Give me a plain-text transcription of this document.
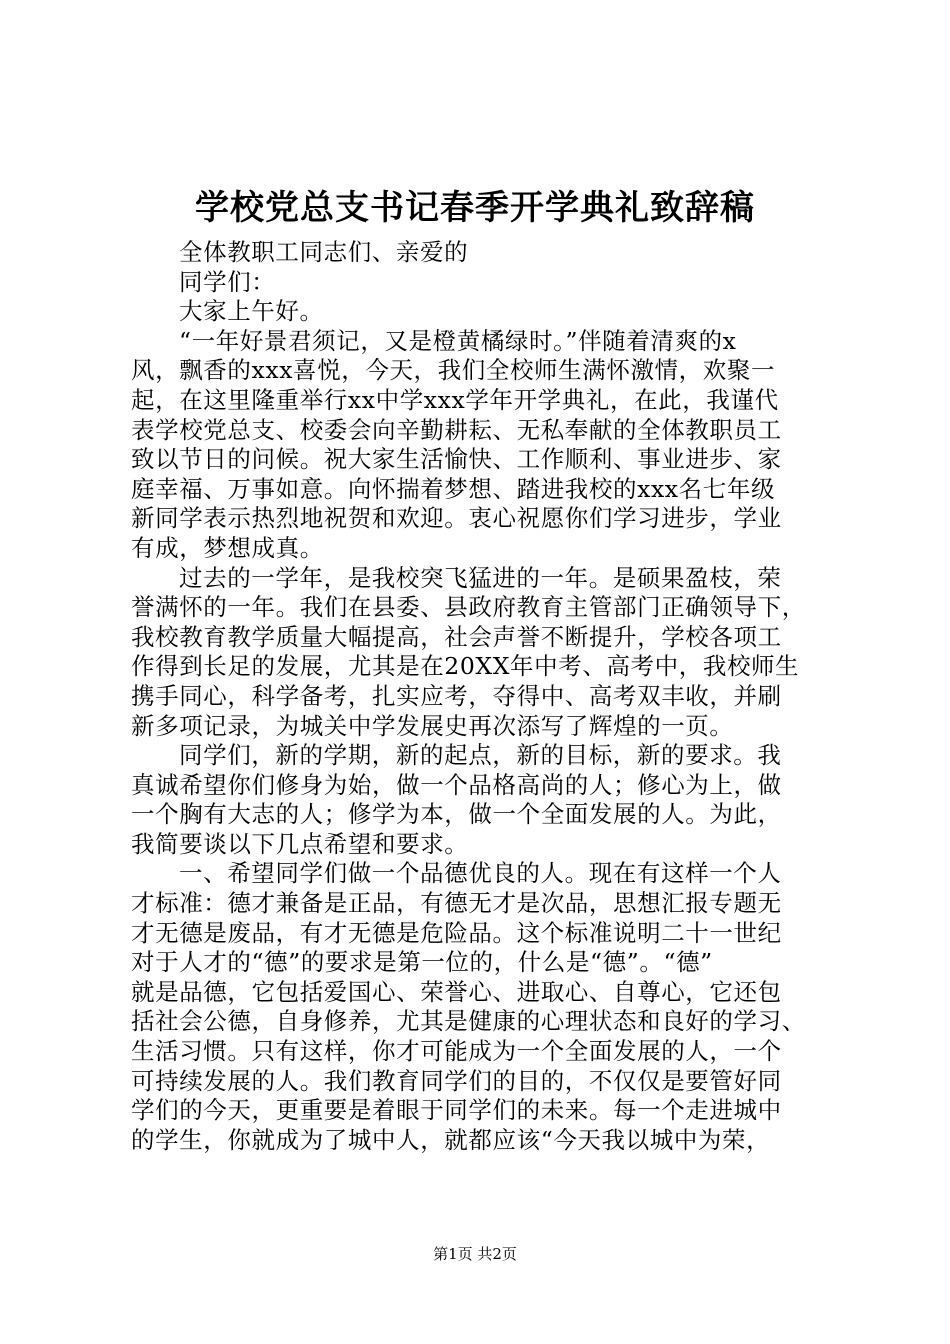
学校党总支书记春季开学典礼致辞稿
全体教职工同志们、亲爱的
同学们：
大家上午好。
“一年好景君须记，又是橙黄橘绿时。”伴随着清爽的x
风，飘香的xxx喜悦，今天，我们全校师生满怀激情，欢聚一
起，在这里隆重举行xx中学xxx学年开学典礼，在此，我谨代
表学校党总支、校委会向辛勤耕耘、无私奉献的全体教职员工
致以节日的问候。祝大家生活愉快、工作顺利、事业进步、家
庭幸福、万事如意。向怀揣着梦想、踏进我校的xxx名七年级
新同学表示热烈地祝贺和欢迎。衷心祝愿你们学习进步，学业
有成，梦想成真。
过去的一学年，是我校突飞猛进的一年。是硕果盈枝，荣
誉满怀的一年。我们在县委、县政府教育主管部门正确领导下，
我校教育教学质量大幅提高，社会声誉不断提升，学校各项工
作得到长足的发展，尤其是在20XX年中考、高考中，我校师生
携手同心，科学备考，扎实应考，夺得中、高考双丰收，并刷
新多项记录，为城关中学发展史再次添写了辉煌的一页。
同学们，新的学期，新的起点，新的目标，新的要求。我
真诚希望你们修身为始，做一个品格高尚的人；修心为上，做
一个胸有大志的人；修学为本，做一个全面发展的人。为此，
我简要谈以下几点希望和要求。
一、希望同学们做一个品德优良的人。现在有这样一个人
才标准：德才兼备是正品，有德无才是次品，思想汇报专题无
才无德是废品，有才无德是危险品。这个标准说明二十一世纪
对于人才的“德”的要求是第一位的，什么是“德”。“德”
就是品德，它包括爱国心、荣誉心、进取心、自尊心，它还包
括社会公德，自身修养，尤其是健康的心理状态和良好的学习、
生活习惯。只有这样，你才可能成为一个全面发展的人，一个
可持续发展的人。我们教育同学们的目的，不仅仅是要管好同
学们的今天，更重要是着眼于同学们的未来。每一个走进城中
的学生，你就成为了城中人，就都应该“今天我以城中为荣，
第1页 共2页
